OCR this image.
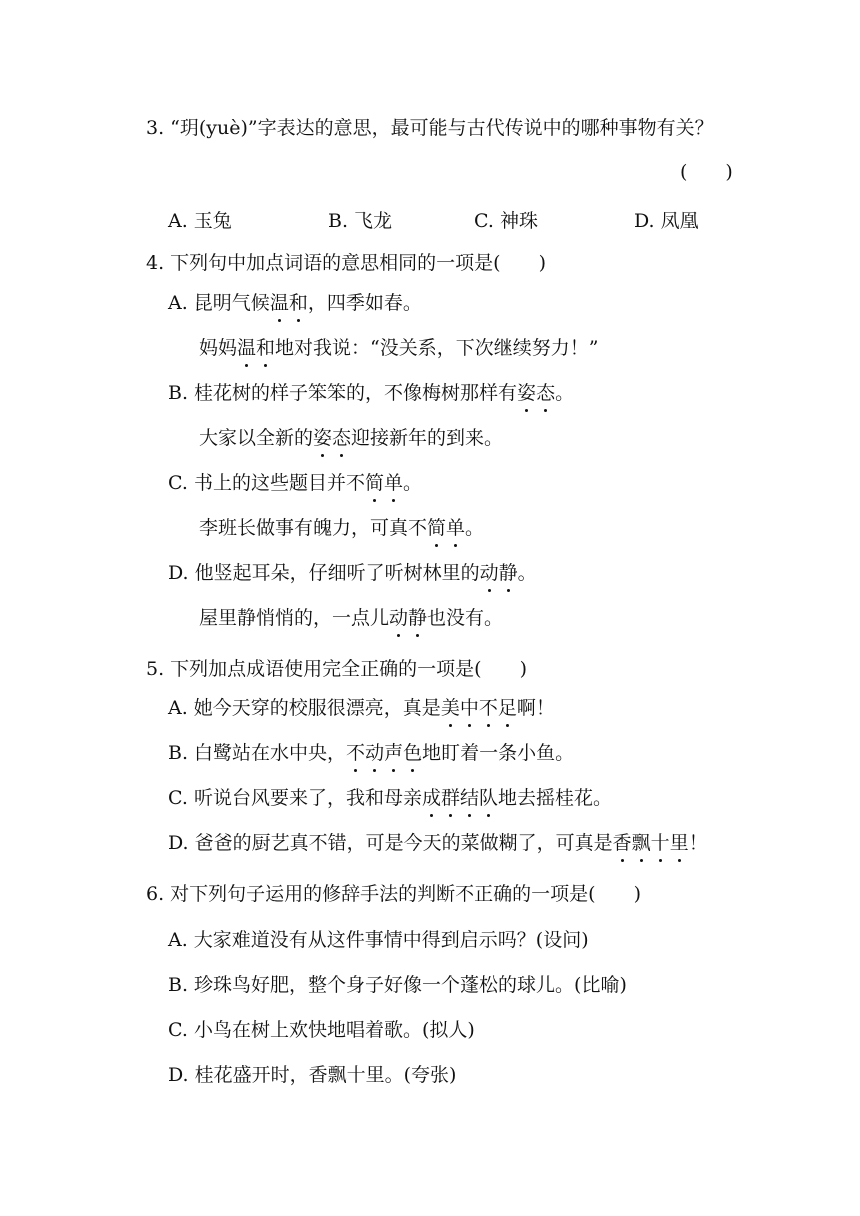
3. “玥(yuè)”字表达的意思，最可能与古代传说中的哪种事物有关？
(　　)
A. 玉兔	B. 飞龙	C. 神珠	D. 凤凰
4. 下列句中加点词语的意思相同的一项是(　　)
A. 昆明气候温和，四季如春。
妈妈温和地对我说：“没关系，下次继续努力！”
B. 桂花树的样子笨笨的，不像梅树那样有姿态。
大家以全新的姿态迎接新年的到来。
C. 书上的这些题目并不简单。
李班长做事有魄力，可真不简单。
D. 他竖起耳朵，仔细听了听树林里的动静。
屋里静悄悄的，一点儿动静也没有。
5. 下列加点成语使用完全正确的一项是(　　)
A. 她今天穿的校服很漂亮，真是美中不足啊！
B. 白鹭站在水中央，不动声色地盯着一条小鱼。
C. 听说台风要来了，我和母亲成群结队地去摇桂花。
D. 爸爸的厨艺真不错，可是今天的菜做糊了，可真是香飘十里！
6. 对下列句子运用的修辞手法的判断不正确的一项是(　　)
A. 大家难道没有从这件事情中得到启示吗？(设问)
B. 珍珠鸟好肥，整个身子好像一个蓬松的球儿。(比喻)
C. 小鸟在树上欢快地唱着歌。(拟人)
D. 桂花盛开时，香飘十里。(夸张)
